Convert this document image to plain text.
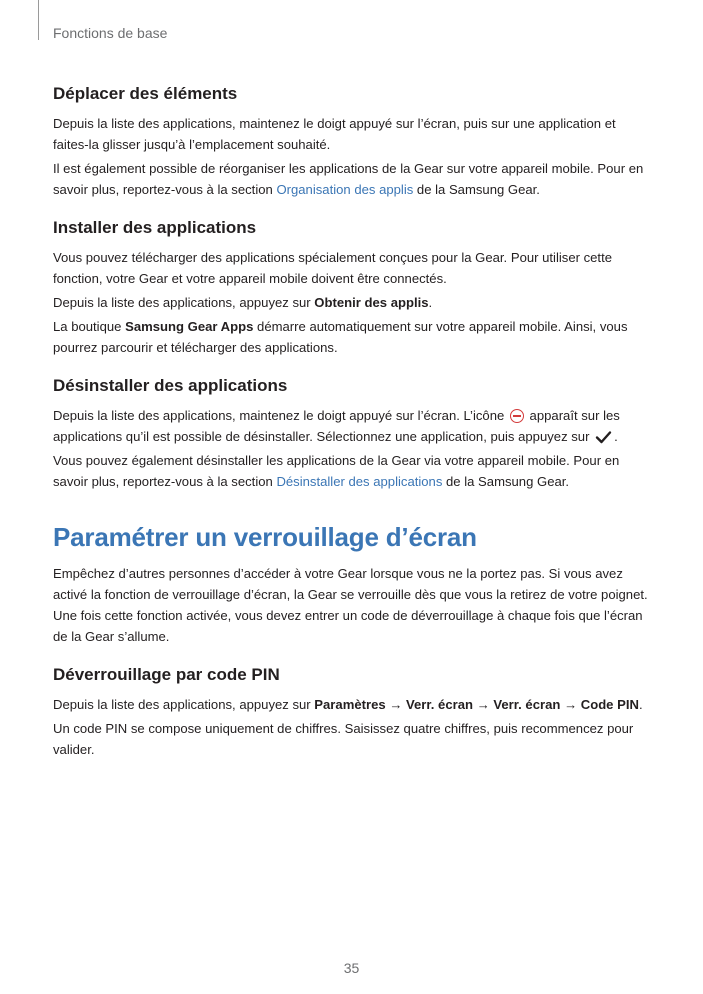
Fonctions de base
Déplacer des éléments

Depuis la liste des applications, maintenez le doigt appuyé sur l’écran, puis sur une application et faites-la glisser jusqu’à l’emplacement souhaité.

Il est également possible de réorganiser les applications de la Gear sur votre appareil mobile. Pour en savoir plus, reportez-vous à la section Organisation des applis de la Samsung Gear.

Installer des applications

Vous pouvez télécharger des applications spécialement conçues pour la Gear. Pour utiliser cette fonction, votre Gear et votre appareil mobile doivent être connectés.

Depuis la liste des applications, appuyez sur Obtenir des applis.

La boutique Samsung Gear Apps démarre automatiquement sur votre appareil mobile. Ainsi, vous pourrez parcourir et télécharger des applications.

Désinstaller des applications

Depuis la liste des applications, maintenez le doigt appuyé sur l’écran. L’icône  apparaît sur les applications qu’il est possible de désinstaller. Sélectionnez une application, puis appuyez sur .

Vous pouvez également désinstaller les applications de la Gear via votre appareil mobile. Pour en savoir plus, reportez-vous à la section Désinstaller des applications de la Samsung Gear.

Paramétrer un verrouillage d’écran

Empêchez d’autres personnes d’accéder à votre Gear lorsque vous ne la portez pas. Si vous avez activé la fonction de verrouillage d’écran, la Gear se verrouille dès que vous la retirez de votre poignet. Une fois cette fonction activée, vous devez entrer un code de déverrouillage à chaque fois que l’écran de la Gear s’allume.

Déverrouillage par code PIN

Depuis la liste des applications, appuyez sur Paramètres → Verr. écran → Verr. écran → Code PIN.

Un code PIN se compose uniquement de chiffres. Saisissez quatre chiffres, puis recommencez pour valider.

35
